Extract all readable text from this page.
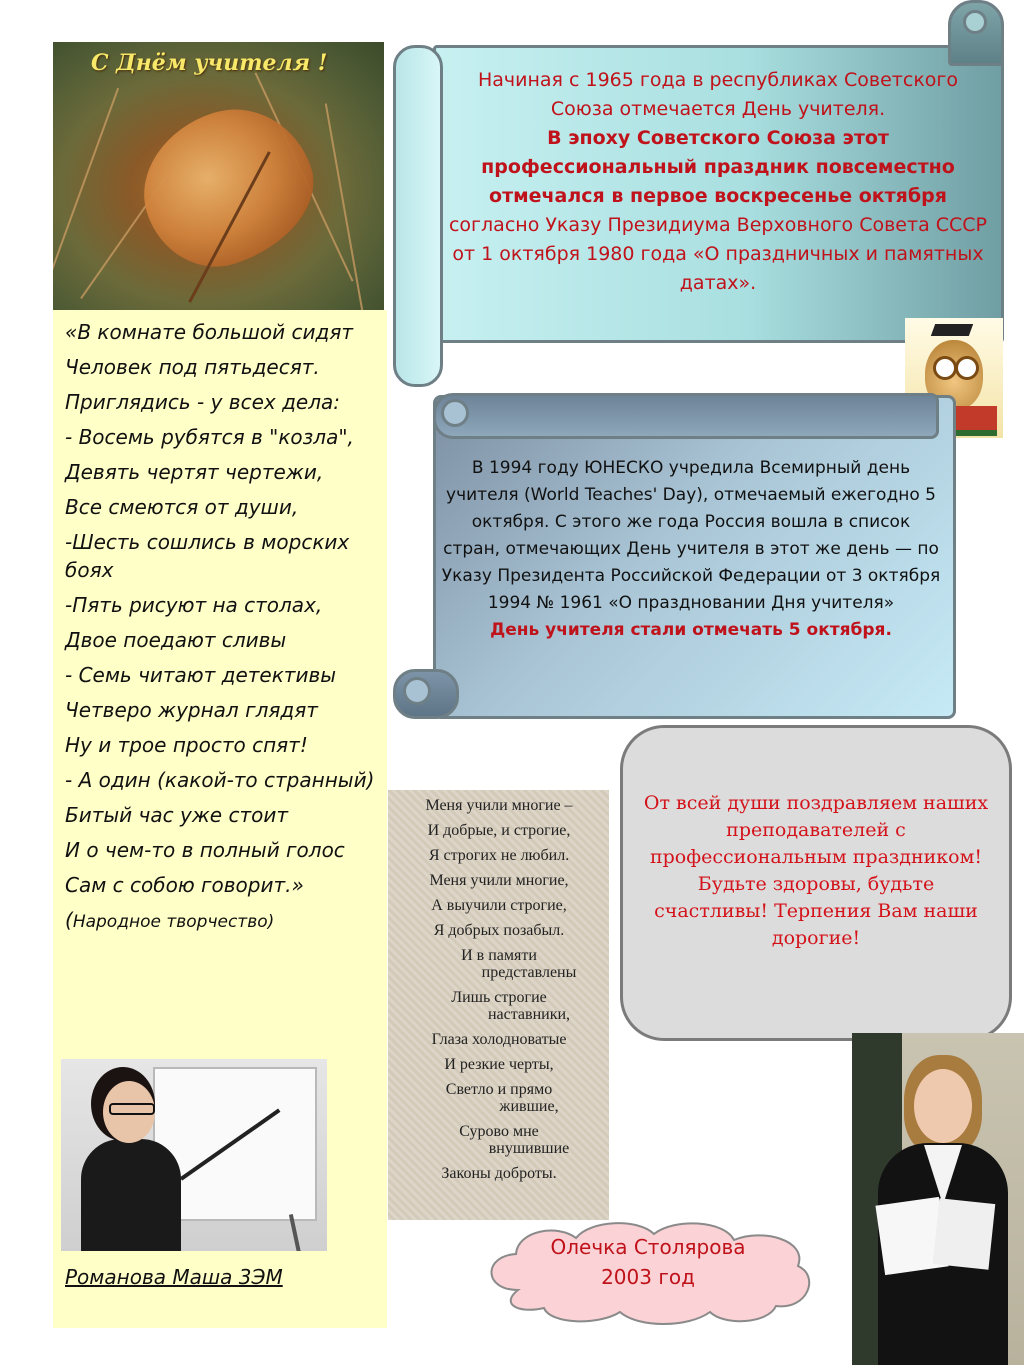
С Днём учителя !
«В комнате большой сидят
Человек под пятьдесят.
Приглядись - у всех дела:
- Восемь рубятся в "козла",
Девять чертят чертежи,
Все смеются от души,
-Шесть сошлись в морских боях
-Пять рисуют на столах,
Двое поедают сливы
- Семь читают детективы
Четверо журнал глядят
Ну и трое просто спят!
- А один (какой-то странный)
Битый час уже стоит
И о чем-то в полный голос
Сам с собою говорит.»
(Народное творчество)
Романова Маша 3ЭМ
Начиная с 1965 года в республиках Советского Союза отмечается День учителя.
В эпоху Советского Союза этот профессиональный праздник повсеместно отмечался в первое воскресенье октября
согласно Указу Президиума Верховного Совета СССР от 1 октября 1980 года «О праздничных и памятных датах».
В 1994 году ЮНЕСКО учредила Всемирный день учителя (World Teaches' Day), отмечаемый ежегодно 5 октября. С этого же года Россия вошла в список стран, отмечающих День учителя в этот же день — по Указу Президента Российской Федерации от 3 октября 1994 № 1961 «О праздновании Дня учителя»
День учителя стали отмечать 5 октября.
От всей души поздравляем наших преподавателей с профессиональным праздником! Будьте здоровы, будьте счастливы! Терпения Вам наши дорогие!
Меня учили многие –
И добрые, и строгие,
Я строгих не любил.
Меня учили многие,
А выучили строгие,
Я добрых позабыл.
И в памяти
представлены
Лишь строгие
наставники,
Глаза холодноватые
И резкие черты,
Светло и прямо
жившие,
Сурово мне
внушившие
Законы доброты.
Олечка Столярова
2003 год
